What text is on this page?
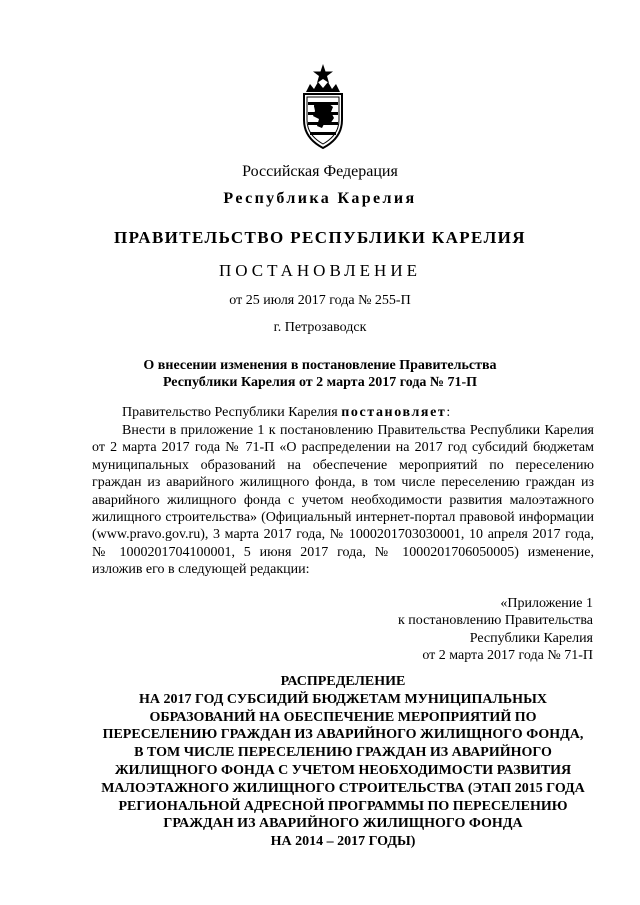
Российская Федерация
Республика Карелия
ПРАВИТЕЛЬСТВО РЕСПУБЛИКИ КАРЕЛИЯ
ПОСТАНОВЛЕНИЕ
от 25 июля 2017 года № 255-П
г. Петрозаводск
О внесении изменения в постановление Правительства
Республики Карелия от 2 марта 2017 года № 71-П
Правительство Республики Карелия постановляет:
Внести в приложение 1 к постановлению Правительства Республики Карелия от 2 марта 2017 года № 71-П «О распределении на 2017 год субсидий бюджетам муниципальных образований на обеспечение мероприятий по переселению граждан из аварийного жилищного фонда, в том числе переселению граждан из аварийного жилищного фонда с учетом необходимости развития малоэтажного жилищного строительства» (Официальный интернет-портал правовой информации (www.pravo.gov.ru), 3 марта 2017 года, № 1000201703030001, 10 апреля 2017 года, № 1000201704100001, 5 июня 2017 года, № 1000201706050005) изменение, изложив его в следующей редакции:
«Приложение 1
к постановлению Правительства
Республики Карелия
от 2 марта 2017 года № 71-П
РАСПРЕДЕЛЕНИЕ
НА 2017 ГОД СУБСИДИЙ БЮДЖЕТАМ МУНИЦИПАЛЬНЫХ
ОБРАЗОВАНИЙ НА ОБЕСПЕЧЕНИЕ МЕРОПРИЯТИЙ ПО
ПЕРЕСЕЛЕНИЮ ГРАЖДАН ИЗ АВАРИЙНОГО ЖИЛИЩНОГО ФОНДА,
В ТОМ ЧИСЛЕ ПЕРЕСЕЛЕНИЮ ГРАЖДАН ИЗ АВАРИЙНОГО
ЖИЛИЩНОГО ФОНДА С УЧЕТОМ НЕОБХОДИМОСТИ РАЗВИТИЯ
МАЛОЭТАЖНОГО ЖИЛИЩНОГО СТРОИТЕЛЬСТВА (ЭТАП 2015 ГОДА
РЕГИОНАЛЬНОЙ АДРЕСНОЙ ПРОГРАММЫ ПО ПЕРЕСЕЛЕНИЮ
ГРАЖДАН ИЗ АВАРИЙНОГО ЖИЛИЩНОГО ФОНДА
НА 2014 – 2017 ГОДЫ)
